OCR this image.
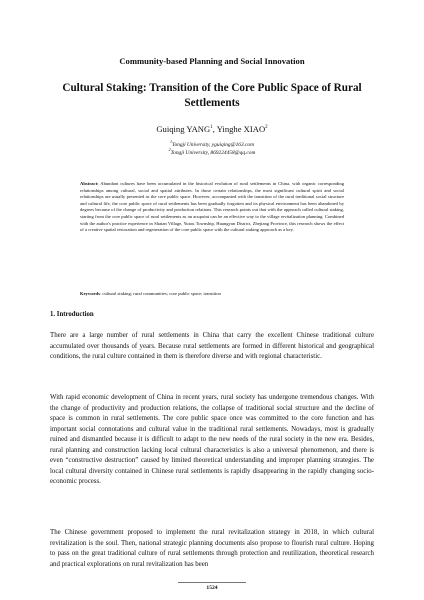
Community-based Planning and Social Innovation
Cultural Staking: Transition of the Core Public Space of Rural Settlements
Guiqing YANG$^1$, Yinghe XIAO$^2$
$^1$Tongji University, yguiqing@163.com
$^2$Tongji University, 869224458@qq.com

Abstract: Abundant cultures have been accumulated in the historical evolution of rural settlements in China, with organic corresponding relationships among cultural, social and spatial attributes. In those certain relationships, the most significant cultural spirit and social relationships are usually presented as the core public space. However, accompanied with the transition of the rural traditional social structure and cultural life, the core public space of rural settlements has been gradually forgotten and its physical environment has been abandoned by degrees because of the change of productivity and production relations. This research points out that with the approach called cultural staking, starting from the core public space of rural settlements as an acupoint can be an effective way to the village revitalization planning. Combined with the author's practice experience in Shatan Village, Yutou Township, Huangyan District, Zhejiang Province, this research shows the effect of a creative spatial restoration and regeneration of the core public space with the cultural staking approach as a key.

Keywords: cultural staking; rural communities; core public space; transition
1. Introduction

There are a large number of rural settlements in China that carry the excellent Chinese traditional culture accumulated over thousands of years. Because rural settlements are formed in different historical and geographical conditions, the rural culture contained in them is therefore diverse and with regional characteristic.

With rapid economic development of China in recent years, rural society has undergone tremendous changes. With the change of productivity and production relations, the collapse of traditional social structure and the decline of space is common in rural settlements. The core public space once was committed to the core function and has important social connotations and cultural value in the traditional rural settlements. Nowadays, most is gradually ruined and dismantled because it is difficult to adapt to the new needs of the rural society in the new era. Besides, rural planning and construction lacking local cultural characteristics is also a universal phenomenon, and there is even “constructive destruction” caused by limited theoretical understanding and improper planning strategies. The local cultural diversity contained in Chinese rural settlements is rapidly disappearing in the rapidly changing socio-economic process.

The Chinese government proposed to implement the rural revitalization strategy in 2018, in which cultural revitalization is the soul. Then, national strategic planning documents also propose to flourish rural culture. Hoping to pass on the great traditional culture of rural settlements through protection and reutilization, theoretical research and practical explorations on rural revitalization has been

1524
